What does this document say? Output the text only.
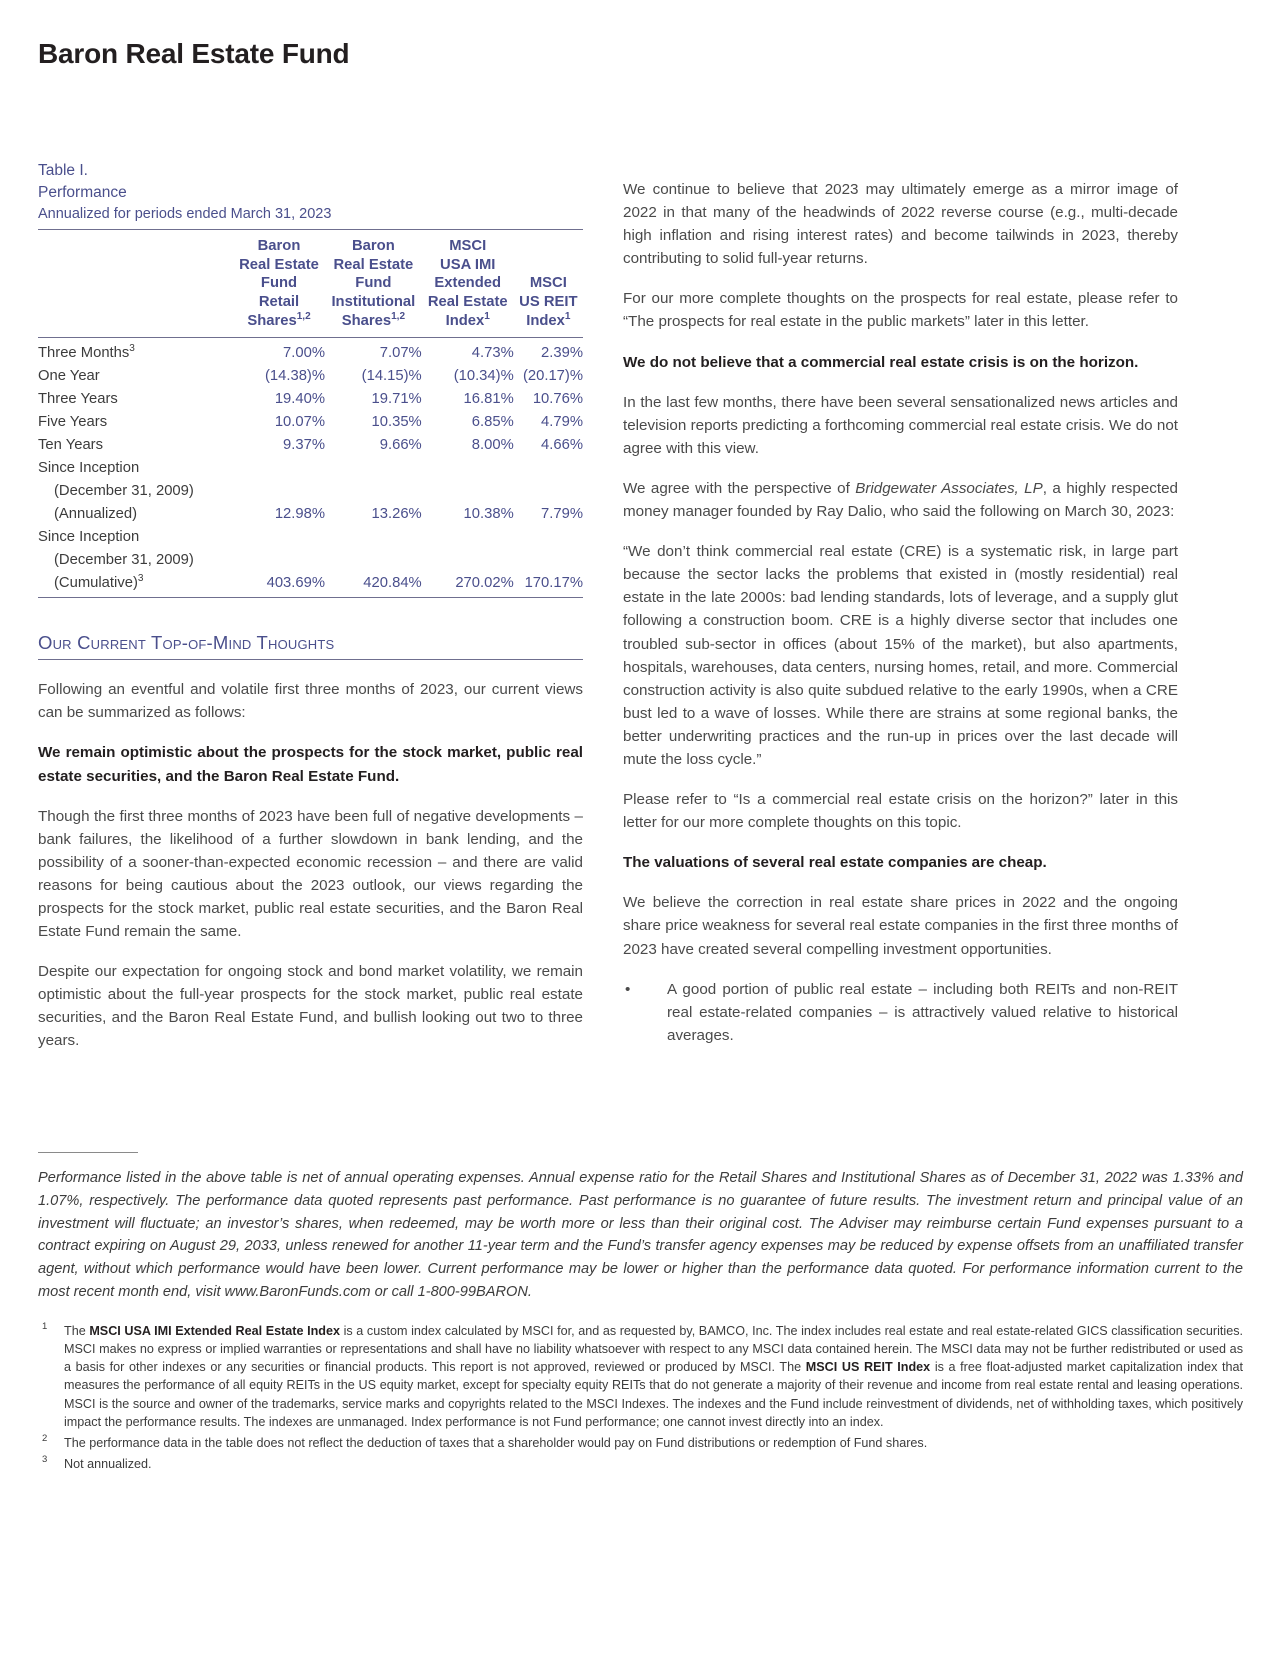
Baron Real Estate Fund
Table I.
Performance
Annualized for periods ended March 31, 2023
	Baron
Real Estate
Fund
Retail
Shares$^{1,2}$	Baron
Real Estate
Fund
Institutional
Shares$^{1,2}$	MSCI
USA IMI
Extended
Real Estate
Index$^1$	MSCI
US REIT
Index$^1$
Three Months$^3$	7.00%	7.07%	4.73%	2.39%
One Year	(14.38)%	(14.15)%	(10.34)%	(20.17)%
Three Years	19.40%	19.71%	16.81%	10.76%
Five Years	10.07%	10.35%	6.85%	4.79%
Ten Years	9.37%	9.66%	8.00%	4.66%
Since Inception				
(December 31, 2009)				
(Annualized)	12.98%	13.26%	10.38%	7.79%
Since Inception				
(December 31, 2009)				
(Cumulative)$^3$	403.69%	420.84%	270.02%	170.17%
Our Current Top-of-Mind Thoughts

Following an eventful and volatile first three months of 2023, our current views can be summarized as follows:

We remain optimistic about the prospects for the stock market, public real estate securities, and the Baron Real Estate Fund.

Though the first three months of 2023 have been full of negative developments – bank failures, the likelihood of a further slowdown in bank lending, and the possibility of a sooner-than-expected economic recession – and there are valid reasons for being cautious about the 2023 outlook, our views regarding the prospects for the stock market, public real estate securities, and the Baron Real Estate Fund remain the same.

Despite our expectation for ongoing stock and bond market volatility, we remain optimistic about the full-year prospects for the stock market, public real estate securities, and the Baron Real Estate Fund, and bullish looking out two to three years.

We continue to believe that 2023 may ultimately emerge as a mirror image of 2022 in that many of the headwinds of 2022 reverse course (e.g., multi-decade high inflation and rising interest rates) and become tailwinds in 2023, thereby contributing to solid full-year returns.

For our more complete thoughts on the prospects for real estate, please refer to “The prospects for real estate in the public markets” later in this letter.

We do not believe that a commercial real estate crisis is on the horizon.

In the last few months, there have been several sensationalized news articles and television reports predicting a forthcoming commercial real estate crisis. We do not agree with this view.

We agree with the perspective of Bridgewater Associates, LP, a highly respected money manager founded by Ray Dalio, who said the following on March 30, 2023:

“We don’t think commercial real estate (CRE) is a systematic risk, in large part because the sector lacks the problems that existed in (mostly residential) real estate in the late 2000s: bad lending standards, lots of leverage, and a supply glut following a construction boom. CRE is a highly diverse sector that includes one troubled sub-sector in offices (about 15% of the market), but also apartments, hospitals, warehouses, data centers, nursing homes, retail, and more. Commercial construction activity is also quite subdued relative to the early 1990s, when a CRE bust led to a wave of losses. While there are strains at some regional banks, the better underwriting practices and the run-up in prices over the last decade will mute the loss cycle.”

Please refer to “Is a commercial real estate crisis on the horizon?” later in this letter for our more complete thoughts on this topic.

The valuations of several real estate companies are cheap.

We believe the correction in real estate share prices in 2022 and the ongoing share price weakness for several real estate companies in the first three months of 2023 have created several compelling investment opportunities.

• A good portion of public real estate – including both REITs and non-REIT real estate-related companies – is attractively valued relative to historical averages.

Performance listed in the above table is net of annual operating expenses. Annual expense ratio for the Retail Shares and Institutional Shares as of December 31, 2022 was 1.33% and 1.07%, respectively. The performance data quoted represents past performance. Past performance is no guarantee of future results. The investment return and principal value of an investment will fluctuate; an investor’s shares, when redeemed, may be worth more or less than their original cost. The Adviser may reimburse certain Fund expenses pursuant to a contract expiring on August 29, 2033, unless renewed for another 11-year term and the Fund’s transfer agency expenses may be reduced by expense offsets from an unaffiliated transfer agent, without which performance would have been lower. Current performance may be lower or higher than the performance data quoted. For performance information current to the most recent month end, visit www.BaronFunds.com or call 1-800-99BARON.

1 The MSCI USA IMI Extended Real Estate Index is a custom index calculated by MSCI for, and as requested by, BAMCO, Inc. The index includes real estate and real estate-related GICS classification securities. MSCI makes no express or implied warranties or representations and shall have no liability whatsoever with respect to any MSCI data contained herein. The MSCI data may not be further redistributed or used as a basis for other indexes or any securities or financial products. This report is not approved, reviewed or produced by MSCI. The MSCI US REIT Index is a free float-adjusted market capitalization index that measures the performance of all equity REITs in the US equity market, except for specialty equity REITs that do not generate a majority of their revenue and income from real estate rental and leasing operations. MSCI is the source and owner of the trademarks, service marks and copyrights related to the MSCI Indexes. The indexes and the Fund include reinvestment of dividends, net of withholding taxes, which positively impact the performance results. The indexes are unmanaged. Index performance is not Fund performance; one cannot invest directly into an index.
2 The performance data in the table does not reflect the deduction of taxes that a shareholder would pay on Fund distributions or redemption of Fund shares.
3 Not annualized.
